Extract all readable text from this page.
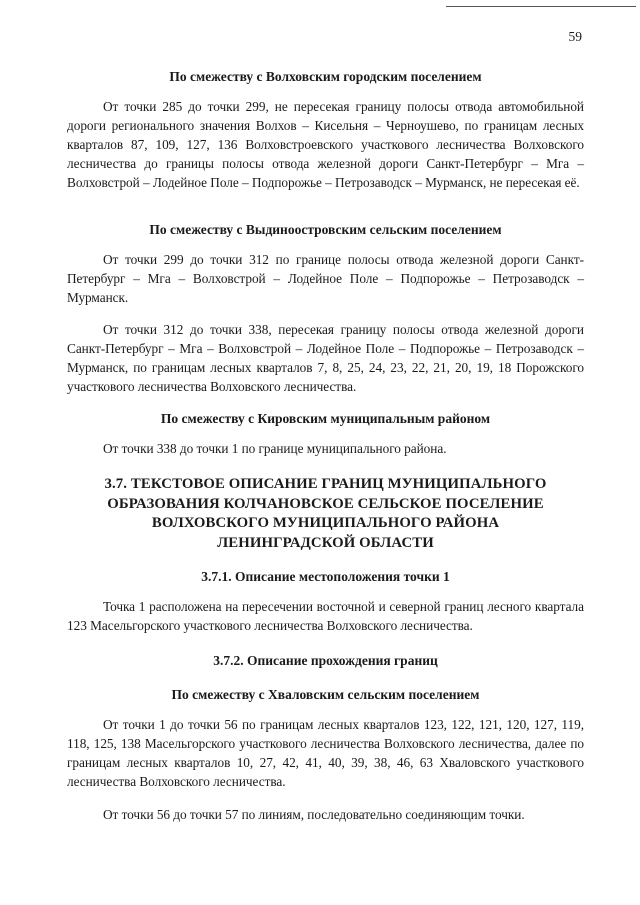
59
По смежеству с Волховским городским поселением

От точки 285 до точки 299, не пересекая границу полосы отвода автомобильной дороги регионального значения Волхов – Кисельня – Черноушево, по границам лесных кварталов 87, 109, 127, 136 Волховстроевского участкового лесничества Волховского лесничества до границы полосы отвода железной дороги Санкт-Петербург – Мга – Волховстрой – Лодейное Поле – Подпорожье – Петрозаводск – Мурманск, не пересекая её.

По смежеству с Выдиноостровским сельским поселением

От точки 299 до точки 312 по границе полосы отвода железной дороги Санкт-Петербург – Мга – Волховстрой – Лодейное Поле – Подпорожье – Петрозаводск – Мурманск.

От точки 312 до точки 338, пересекая границу полосы отвода железной дороги Санкт-Петербург – Мга – Волховстрой – Лодейное Поле – Подпорожье – Петрозаводск – Мурманск, по границам лесных кварталов 7, 8, 25, 24, 23, 22, 21, 20, 19, 18 Порожского участкового лесничества Волховского лесничества.

По смежеству с Кировским муниципальным районом

От точки 338 до точки 1 по границе муниципального района.

3.7. ТЕКСТОВОЕ ОПИСАНИЕ ГРАНИЦ МУНИЦИПАЛЬНОГО
ОБРАЗОВАНИЯ КОЛЧАНОВСКОЕ СЕЛЬСКОЕ ПОСЕЛЕНИЕ
ВОЛХОВСКОГО МУНИЦИПАЛЬНОГО РАЙОНА
ЛЕНИНГРАДСКОЙ ОБЛАСТИ
3.7.1. Описание местоположения точки 1

Точка 1 расположена на пересечении восточной и северной границ лесного квартала 123 Масельгорского участкового лесничества Волховского лесничества.

3.7.2. Описание прохождения границ
По смежеству с Хваловским сельским поселением

От точки 1 до точки 56 по границам лесных кварталов 123, 122, 121, 120, 127, 119, 118, 125, 138 Масельгорского участкового лесничества Волховского лесничества, далее по границам лесных кварталов 10, 27, 42, 41, 40, 39, 38, 46, 63 Хваловского участкового лесничества Волховского лесничества.

От точки 56 до точки 57 по линиям, последовательно соединяющим точки.
